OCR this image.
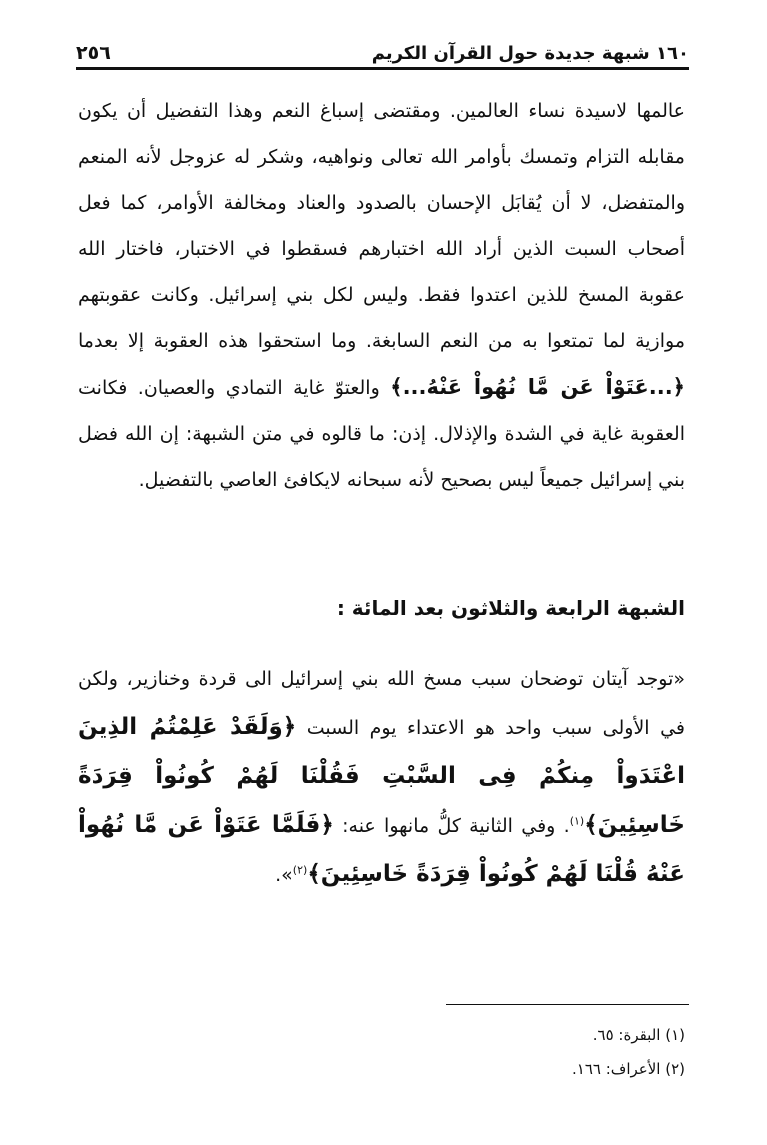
١٦٠ شبهة جديدة حول القرآن الكريم
٢٥٦

عالمها لاسيدة نساء العالمين. ومقتضى إسباغ النعم وهذا التفضيل أن يكون مقابله التزام وتمسك بأوامر الله تعالى ونواهيه، وشكر له عزوجل لأنه المنعم والمتفضل، لا أن يُقابَل الإحسان بالصدود والعناد ومخالفة الأوامر، كما فعل أصحاب السبت الذين أراد الله اختبارهم فسقطوا في الاختبار، فاختار الله عقوبة المسخ للذين اعتدوا فقط. وليس لكل بني إسرائيل. وكانت عقوبتهم موازية لما تمتعوا به من النعم السابغة. وما استحقوا هذه العقوبة إلا بعدما ﴿...عَتَوْاْ عَن مَّا نُهُواْ عَنْهُ...﴾ والعتوّ غاية التمادي والعصيان. فكانت العقوبة غاية في الشدة والإذلال. إذن: ما قالوه في متن الشبهة: إن الله فضل بني إسرائيل جميعاً ليس بصحيح لأنه سبحانه لايكافئ العاصي بالتفضيل.

الشبهة الرابعة والثلاثون بعد المائة :

«توجد آيتان توضحان سبب مسخ الله بني إسرائيل الى قردة وخنازير، ولكن في الأولى سبب واحد هو الاعتداء يوم السبت ﴿وَلَقَدْ عَلِمْتُمُ الذِينَ اعْتَدَواْ مِنكُمْ فِى السَّبْتِ فَقُلْنَا لَهُمْ كُونُواْ قِرَدَةً خَاسِئِينَ﴾$^{(١)}$. وفي الثانية كلُّ مانهوا عنه: ﴿فَلَمَّا عَتَوْاْ عَن مَّا نُهُواْ عَنْهُ قُلْنَا لَهُمْ كُونُواْ قِرَدَةً خَاسِئِينَ﴾$^{(٢)}$».

(١) البقرة: ٦٥.

(٢) الأعراف: ١٦٦.
